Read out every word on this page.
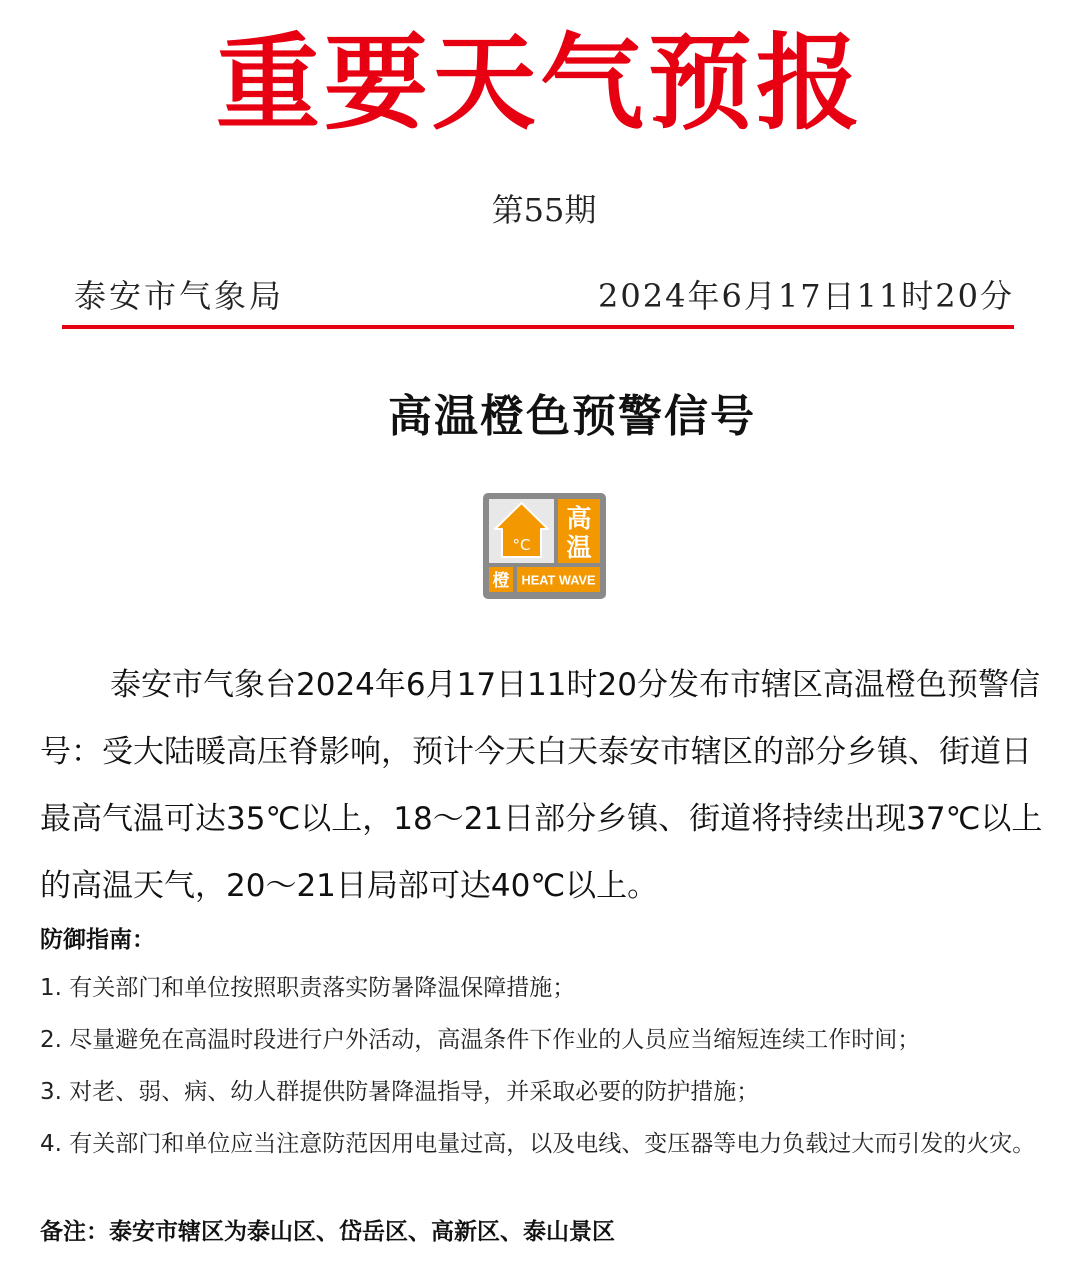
重要天气预报
第55期
泰安市气象局	2024年6月17日11时20分
高温橙色预警信号
°C
高
温
橙 HEAT WAVE

泰安市气象台2024年6月17日11时20分发布市辖区高温橙色预警信号：受大陆暖高压脊影响，预计今天白天泰安市辖区的部分乡镇、街道日最高气温可达35℃以上，18～21日部分乡镇、街道将持续出现37℃以上的高温天气，20～21日局部可达40℃以上。

防御指南：
1. 有关部门和单位按照职责落实防暑降温保障措施；
2. 尽量避免在高温时段进行户外活动，高温条件下作业的人员应当缩短连续工作时间；
3. 对老、弱、病、幼人群提供防暑降温指导，并采取必要的防护措施；
4. 有关部门和单位应当注意防范因用电量过高，以及电线、变压器等电力负载过大而引发的火灾。
备注：泰安市辖区为泰山区、岱岳区、高新区、泰山景区
